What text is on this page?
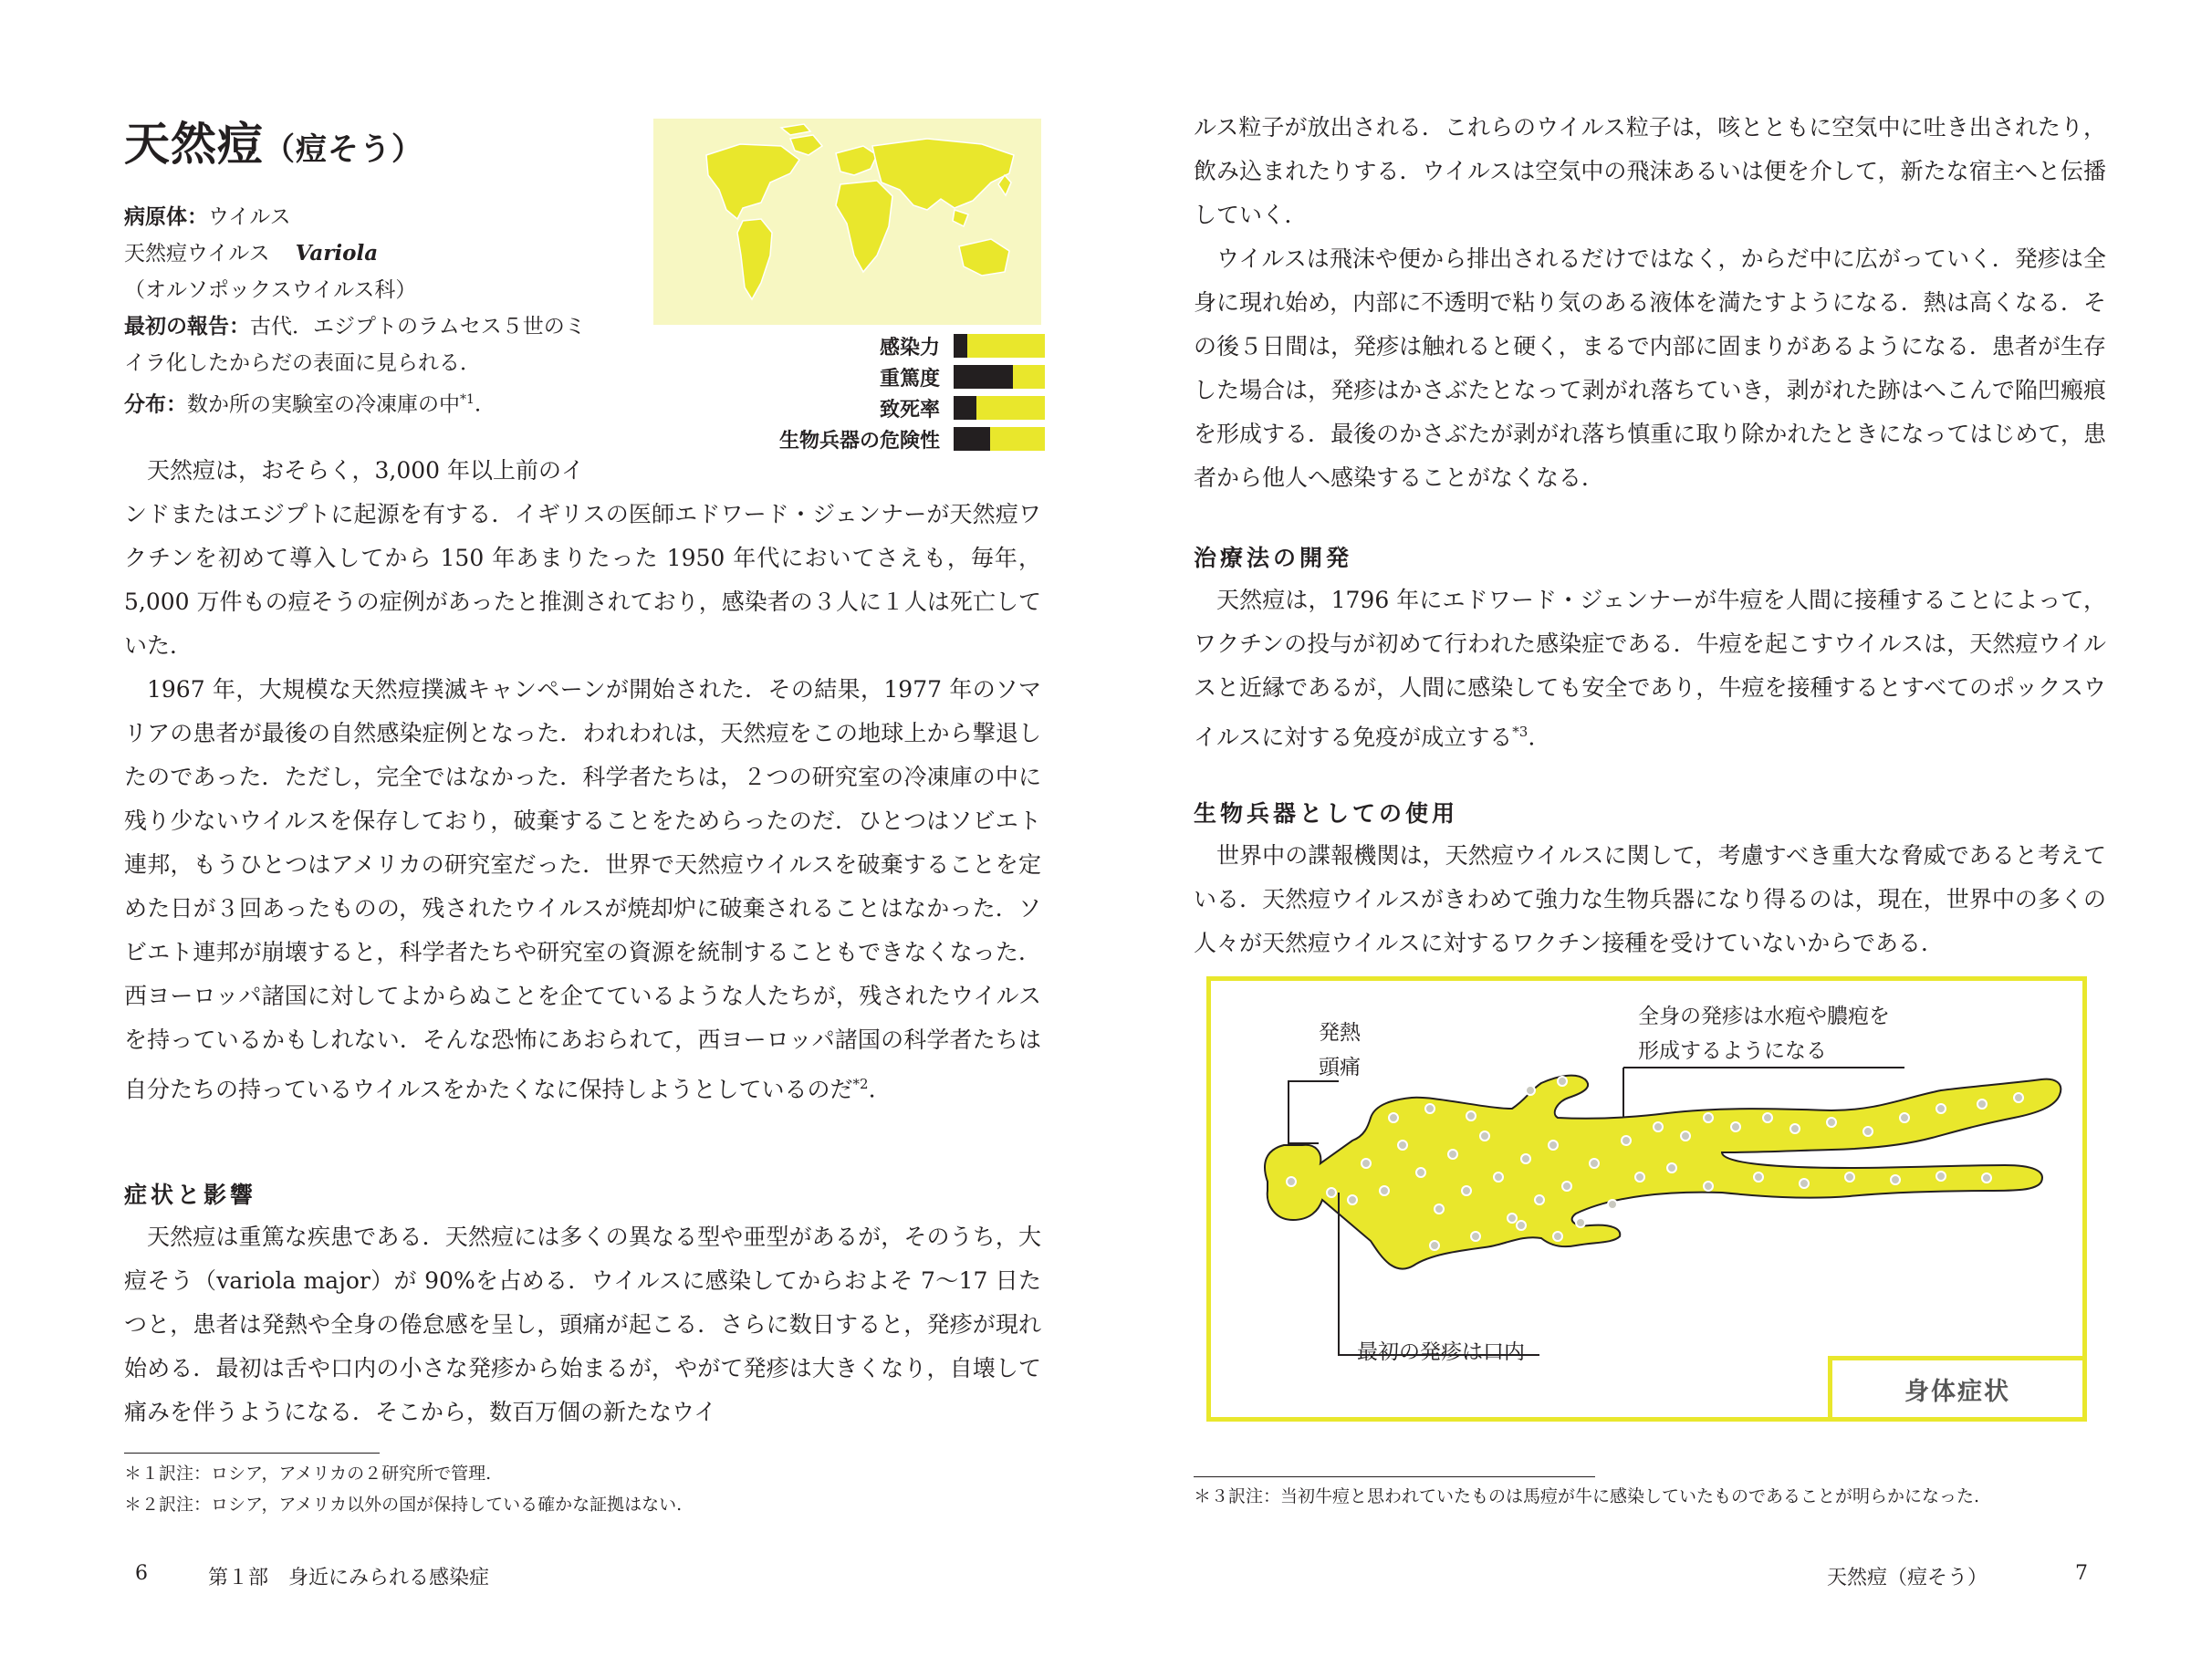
天然痘（痘そう）
病原体：ウイルス
天然痘ウイルス Variola
（オルソポックスウイルス科）
最初の報告：古代．エジプトのラムセス５世のミ
イラ化したからだの表面に見られる．
分布：数か所の実験室の冷凍庫の中$^{*1}$.
感染力
重篤度
致死率
生物兵器の危険性

天然痘は，おそらく，3,000 年以上前のイ

ンドまたはエジプトに起源を有する．イギリスの医師エドワード・ジェンナーが天然痘ワクチンを初めて導入してから 150 年あまりたった 1950 年代においてさえも，毎年，5,000 万件もの痘そうの症例があったと推測されており，感染者の３人に１人は死亡していた．

1967 年，大規模な天然痘撲滅キャンペーンが開始された．その結果，1977 年のソマリアの患者が最後の自然感染症例となった．われわれは，天然痘をこの地球上から撃退したのであった．ただし，完全ではなかった．科学者たちは，２つの研究室の冷凍庫の中に残り少ないウイルスを保存しており，破棄することをためらったのだ．ひとつはソビエト連邦，もうひとつはアメリカの研究室だった．世界で天然痘ウイルスを破棄することを定めた日が３回あったものの，残されたウイルスが焼却炉に破棄されることはなかった．ソビエト連邦が崩壊すると，科学者たちや研究室の資源を統制することもできなくなった．西ヨーロッパ諸国に対してよからぬことを企てているような人たちが，残されたウイルスを持っているかもしれない．そんな恐怖にあおられて，西ヨーロッパ諸国の科学者たちは自分たちの持っているウイルスをかたくなに保持しようとしているのだ$^{*2}$.

症状と影響

天然痘は重篤な疾患である．天然痘には多くの異なる型や亜型があるが，そのうち，大痘そう（variola major）が 90%を占める．ウイルスに感染してからおよそ 7～17 日たつと，患者は発熱や全身の倦怠感を呈し，頭痛が起こる．さらに数日すると，発疹が現れ始める．最初は舌や口内の小さな発疹から始まるが，やがて発疹は大きくなり，自壊して痛みを伴うようになる．そこから，数百万個の新たなウイ

＊１訳注：ロシア，アメリカの２研究所で管理.
＊２訳注：ロシア，アメリカ以外の国が保持している確かな証拠はない.
6	第１部　身近にみられる感染症

ルス粒子が放出される．これらのウイルス粒子は，咳とともに空気中に吐き出されたり，飲み込まれたりする．ウイルスは空気中の飛沫あるいは便を介して，新たな宿主へと伝播していく．

ウイルスは飛沫や便から排出されるだけではなく，からだ中に広がっていく．発疹は全身に現れ始め，内部に不透明で粘り気のある液体を満たすようになる．熱は高くなる．その後５日間は，発疹は触れると硬く，まるで内部に固まりがあるようになる．患者が生存した場合は，発疹はかさぶたとなって剥がれ落ちていき，剥がれた跡はへこんで陥凹瘢痕を形成する．最後のかさぶたが剥がれ落ち慎重に取り除かれたときになってはじめて，患者から他人へ感染することがなくなる．

治療法の開発

天然痘は，1796 年にエドワード・ジェンナーが牛痘を人間に接種することによって，ワクチンの投与が初めて行われた感染症である．牛痘を起こすウイルスは，天然痘ウイルスと近縁であるが，人間に感染しても安全であり，牛痘を接種するとすべてのポックスウイルスに対する免疫が成立する$^{*3}$.

生物兵器としての使用

世界中の諜報機関は，天然痘ウイルスに関して，考慮すべき重大な脅威であると考えている．天然痘ウイルスがきわめて強力な生物兵器になり得るのは，現在，世界中の多くの人々が天然痘ウイルスに対するワクチン接種を受けていないからである．

＊３訳注：当初牛痘と思われていたものは馬痘が牛に感染していたものであることが明らかになった.
天然痘（痘そう）	7
発熱
頭痛
全身の発疹は水疱や膿疱を
形成するようになる
最初の発疹は口内
身体症状
